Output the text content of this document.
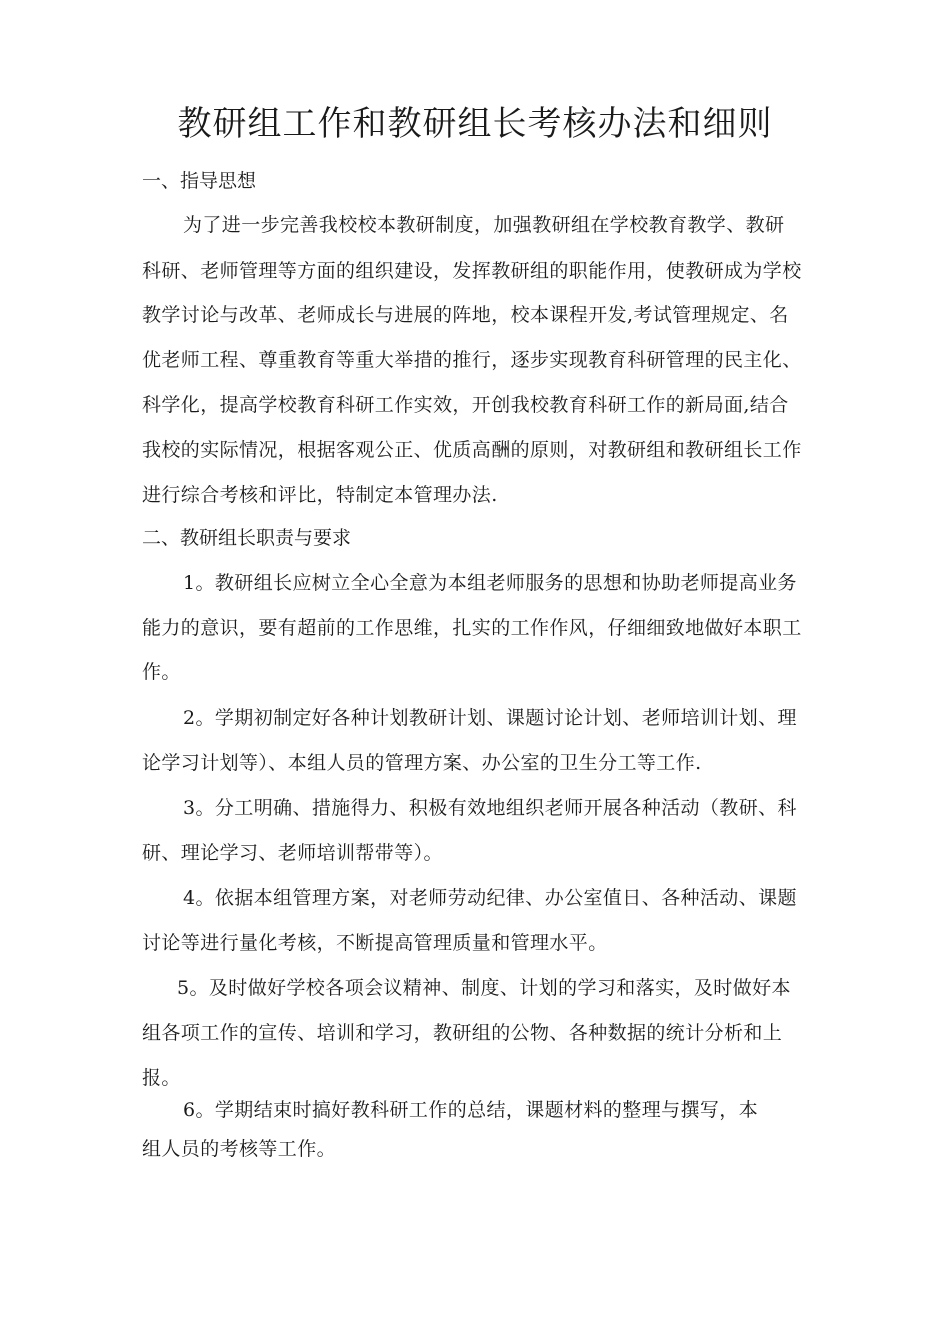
教研组工作和教研组长考核办法和细则
一、指导思想
为了进一步完善我校校本教研制度，加强教研组在学校教育教学、教研
科研、老师管理等方面的组织建设，发挥教研组的职能作用，使教研成为学校
教学讨论与改革、老师成长与进展的阵地，校本课程开发,考试管理规定、名
优老师工程、尊重教育等重大举措的推行，逐步实现教育科研管理的民主化、
科学化，提高学校教育科研工作实效，开创我校教育科研工作的新局面,结合
我校的实际情况，根据客观公正、优质高酬的原则，对教研组和教研组长工作
进行综合考核和评比，特制定本管理办法.
二、教研组长职责与要求
1。教研组长应树立全心全意为本组老师服务的思想和协助老师提高业务
能力的意识，要有超前的工作思维，扎实的工作作风，仔细细致地做好本职工
作。
2。学期初制定好各种计划教研计划、课题讨论计划、老师培训计划、理
论学习计划等）、本组人员的管理方案、办公室的卫生分工等工作.
3。分工明确、措施得力、积极有效地组织老师开展各种活动（教研、科
研、理论学习、老师培训帮带等）。
4。依据本组管理方案，对老师劳动纪律、办公室值日、各种活动、课题
讨论等进行量化考核，不断提高管理质量和管理水平。
5。及时做好学校各项会议精神、制度、计划的学习和落实，及时做好本
组各项工作的宣传、培训和学习，教研组的公物、各种数据的统计分析和上
报。
6。学期结束时搞好教科研工作的总结，课题材料的整理与撰写，本
组人员的考核等工作。
